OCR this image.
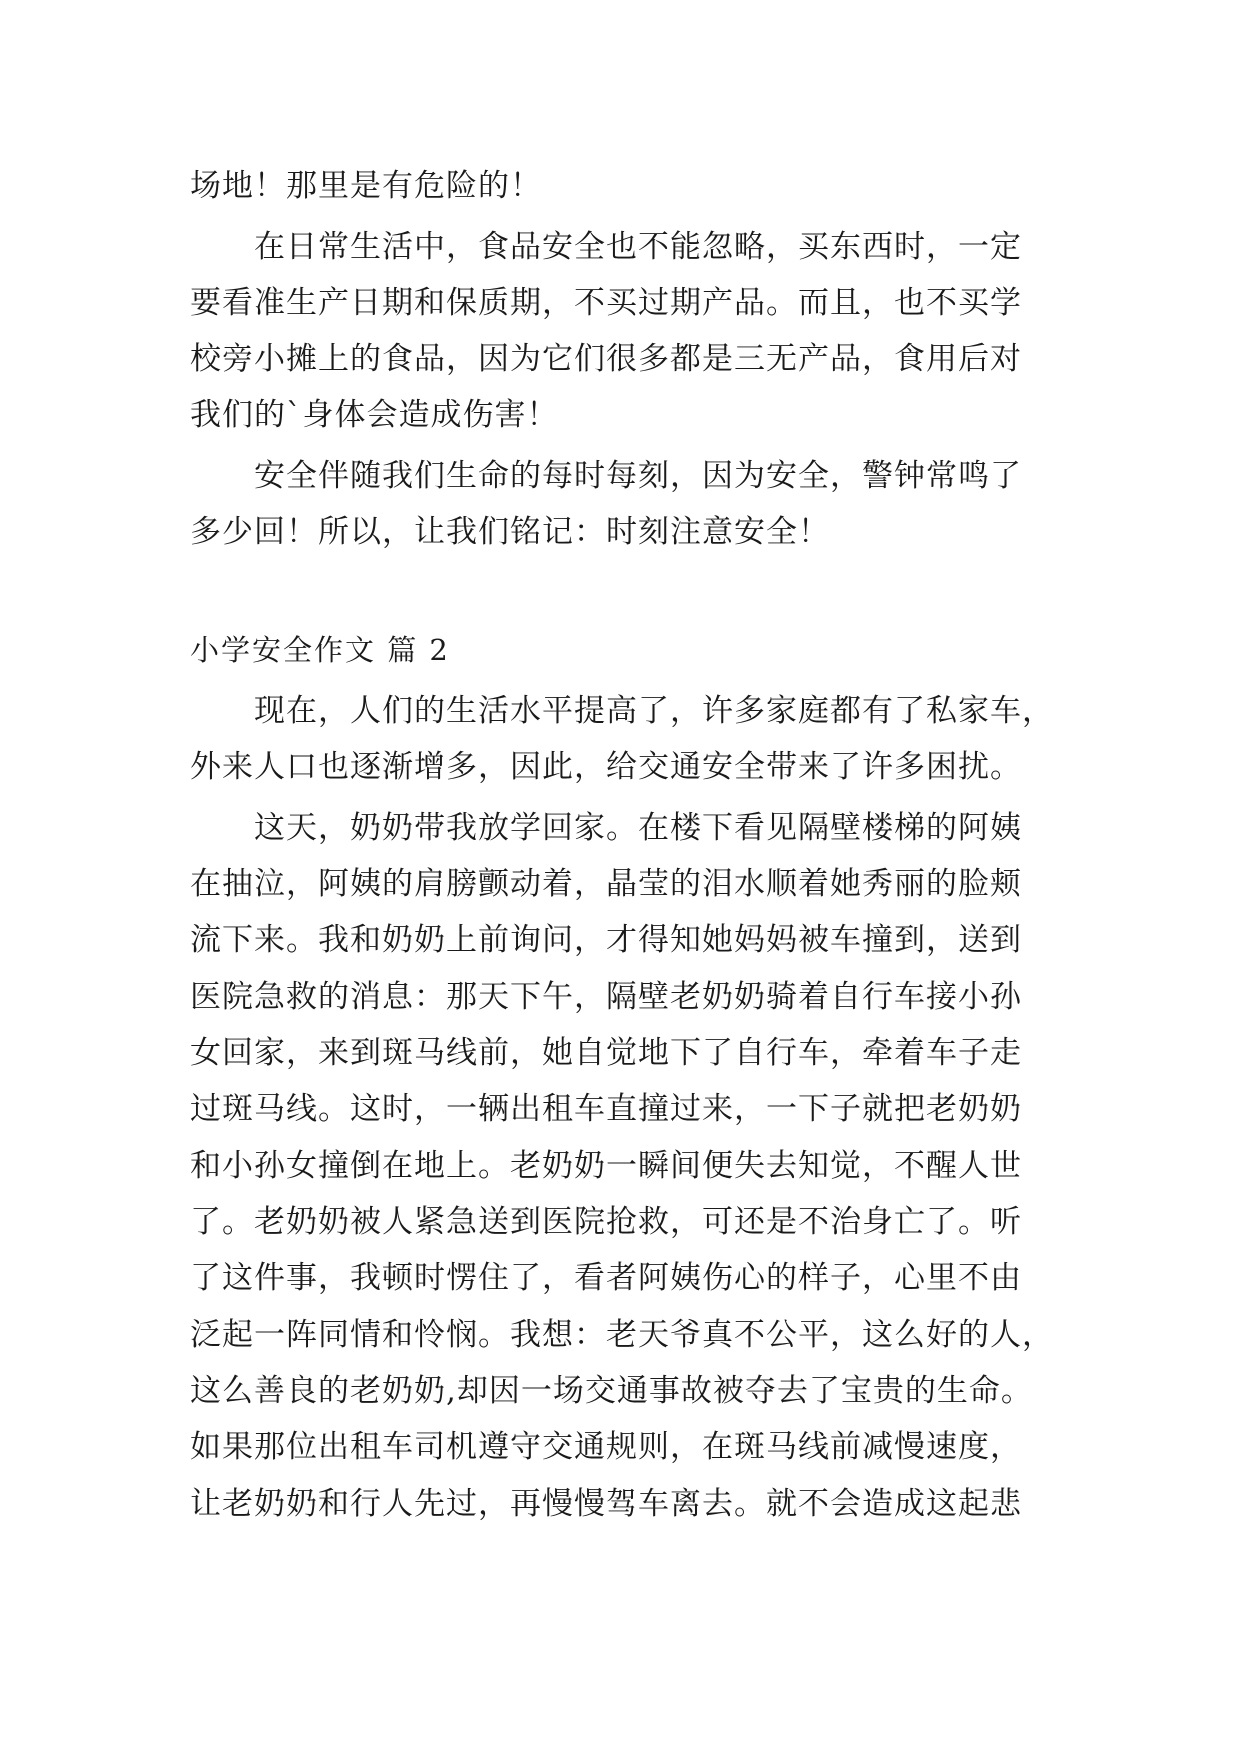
场地！那里是有危险的！
在日常生活中，食品安全也不能忽略，买东西时，一定
要看准生产日期和保质期，不买过期产品。而且，也不买学
校旁小摊上的食品，因为它们很多都是三无产品，食用后对
我们的`身体会造成伤害！
安全伴随我们生命的每时每刻，因为安全，警钟常鸣了
多少回！所以，让我们铭记：时刻注意安全！
小学安全作文 篇 2
现在，人们的生活水平提高了，许多家庭都有了私家车，
外来人口也逐渐增多，因此，给交通安全带来了许多困扰。
这天，奶奶带我放学回家。在楼下看见隔壁楼梯的阿姨
在抽泣，阿姨的肩膀颤动着，晶莹的泪水顺着她秀丽的脸颊
流下来。我和奶奶上前询问，才得知她妈妈被车撞到，送到
医院急救的消息：那天下午，隔壁老奶奶骑着自行车接小孙
女回家，来到斑马线前，她自觉地下了自行车，牵着车子走
过斑马线。这时，一辆出租车直撞过来，一下子就把老奶奶
和小孙女撞倒在地上。老奶奶一瞬间便失去知觉，不醒人世
了。老奶奶被人紧急送到医院抢救，可还是不治身亡了。听
了这件事，我顿时愣住了，看者阿姨伤心的样子，心里不由
泛起一阵同情和怜悯。我想：老天爷真不公平，这么好的人，
这么善良的老奶奶,却因一场交通事故被夺去了宝贵的生命。
如果那位出租车司机遵守交通规则，在斑马线前减慢速度，
让老奶奶和行人先过，再慢慢驾车离去。就不会造成这起悲
